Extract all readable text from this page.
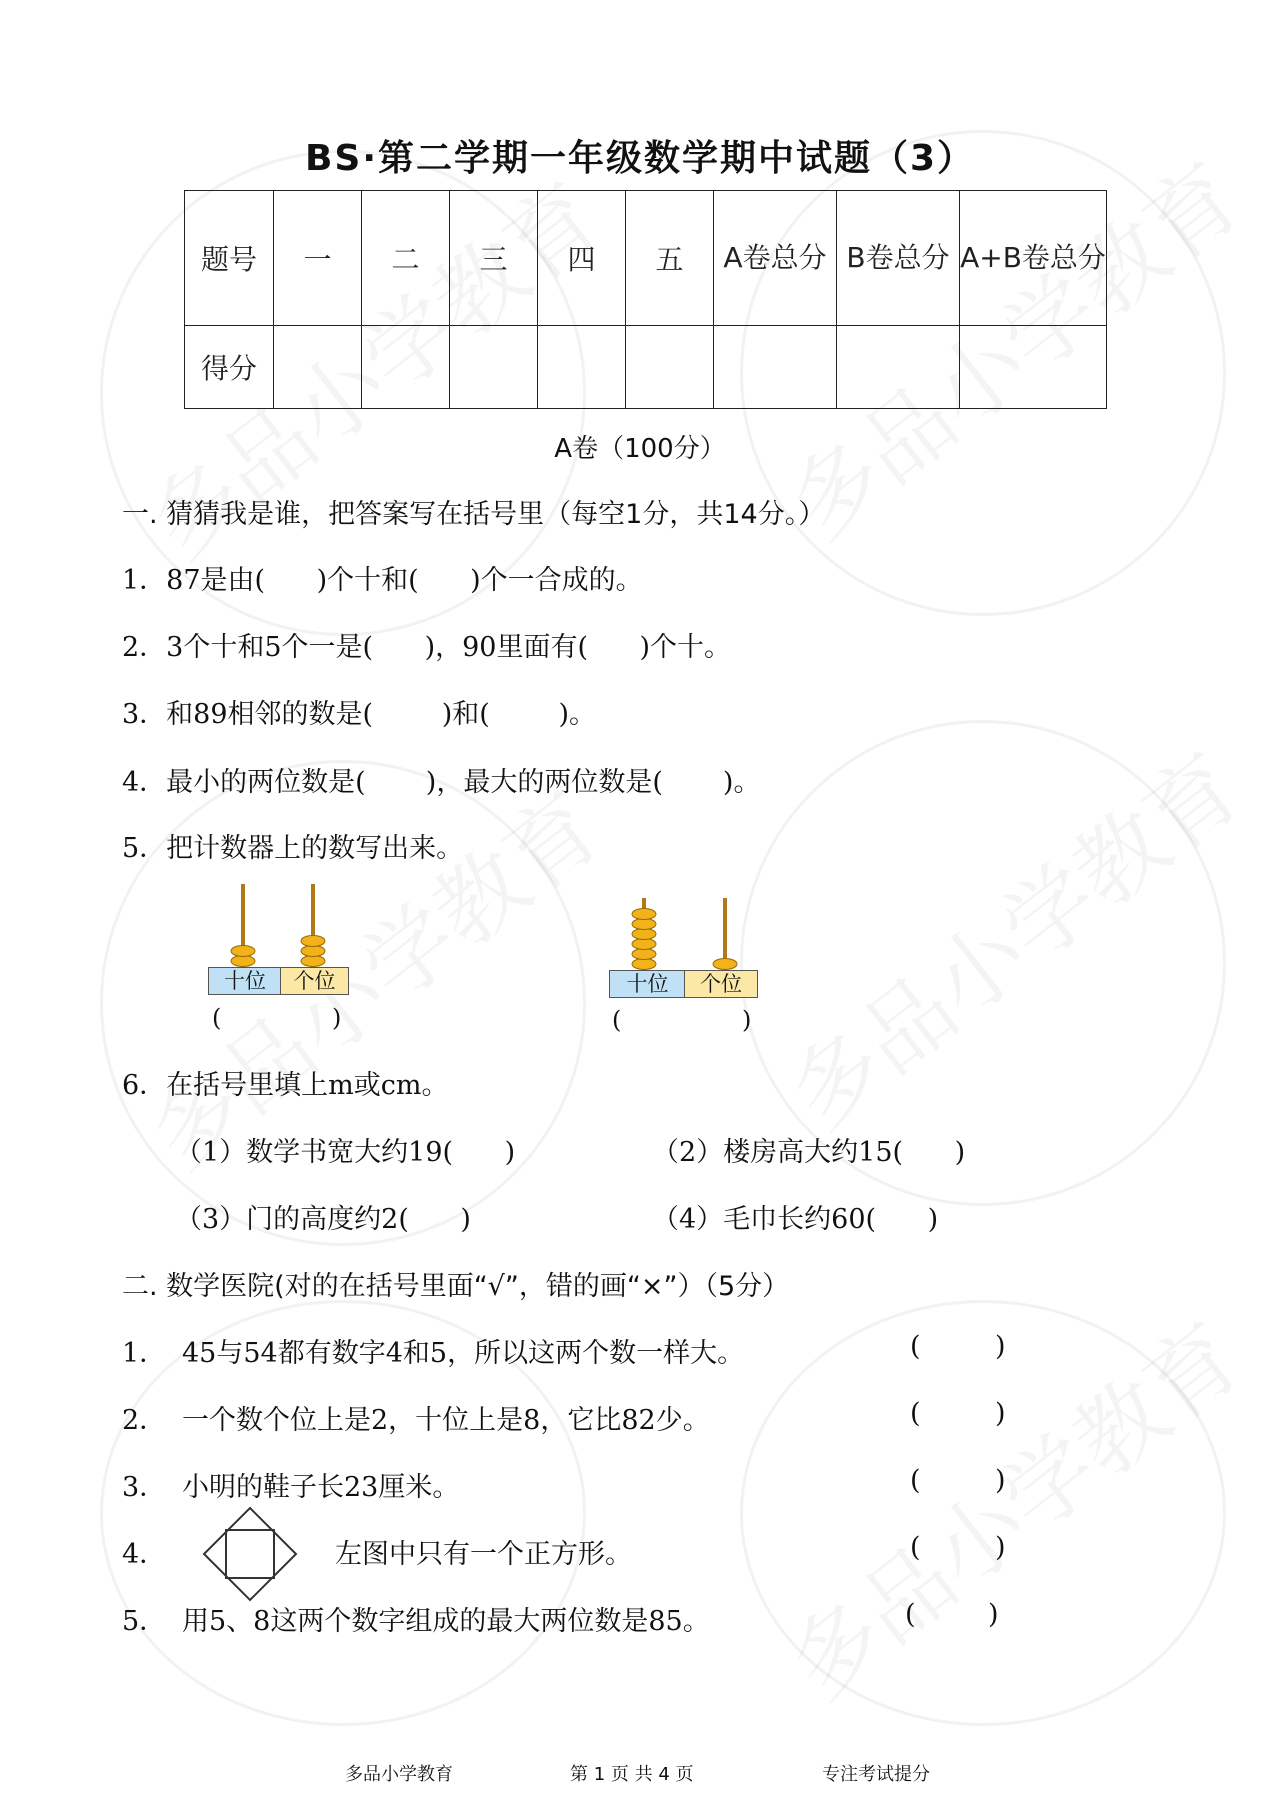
BS·第二学期一年级数学期中试题（3）
题号	一	二	三	四	五	A卷总分	B卷总分	A+B卷总分
得分								
A卷（100分）
一. 猜猜我是谁，把答案写在括号里（每空1分，共14分。）
1．87是由(      )个十和(      )个一合成的。
2．3个十和5个一是(      )，90里面有(      )个十。
3．和89相邻的数是(        )和(        )。
4．最小的两位数是(       )，最大的两位数是(       )。
5．把计数器上的数写出来。
十位	个位
(	)
十位	个位
(	)
6．在括号里填上m或cm。
（1）数学书宽大约19(      )	（2）楼房高大约15(      )
（3）门的高度约2(      )	（4）毛巾长约60(      )
二. 数学医院(对的在括号里面“√”，错的画“×”）（5分）
1． 45与54都有数字4和5，所以这两个数一样大。	(	)
2． 一个数个位上是2，十位上是8，它比82少。	(	)
3． 小明的鞋子长23厘米。	(	)
4．	左图中只有一个正方形。	(	)
5． 用5、8这两个数字组成的最大两位数是85。	(	)
多品小学教育	第 1 页 共 4 页	专注考试提分
